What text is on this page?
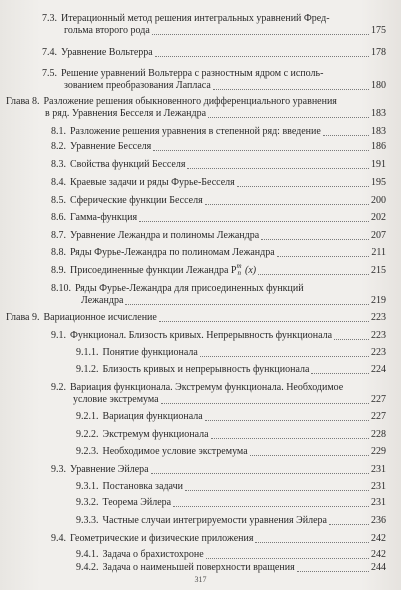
7.3. Итерационный метод решения интегральных уравнений Фред-
гольма второго рода	175
7.4. Уравнение Вольтерра	178
7.5. Решение уравнений Вольтерра с разностным ядром с исполь-
зованием преобразования Лапласа	180
Глава 8. Разложение решения обыкновенного дифференциального уравнения
в ряд. Уравнения Бесселя и Лежандра	183
8.1. Разложение решения уравнения в степенной ряд: введение	183
8.2. Уравнение Бесселя	186
8.3. Свойства функций Бесселя	191
8.4. Краевые задачи и ряды Фурье-Бесселя	195
8.5. Сферические функции Бесселя	200
8.6. Гамма-функция	202
8.7. Уравнение Лежандра и полиномы Лежандра	207
8.8. Ряды Фурье-Лежандра по полиномам Лежандра	211
8.9. Присоединенные функции Лежандра Pmn (x)	215
8.10. Ряды Фурье-Лежандра для присоединенных функций
Лежандра	219
Глава 9. Вариационное исчисление	223
9.1. Функционал. Близость кривых. Непрерывность функционала	223
9.1.1. Понятие функционала	223
9.1.2. Близость кривых и непрерывность функционала	224
9.2. Вариация функционала. Экстремум функционала. Необходимое
условие экстремума	227
9.2.1. Вариация функционала	227
9.2.2. Экстремум функционала	228
9.2.3. Необходимое условие экстремума	229
9.3. Уравнение Эйлера	231
9.3.1. Постановка задачи	231
9.3.2. Теорема Эйлера	231
9.3.3. Частные случаи интегрируемости уравнения Эйлера	236
9.4. Геометрические и физические приложения	242
9.4.1. Задача о брахистохроне	242
9.4.2. Задача о наименьшей поверхности вращения	244
317
